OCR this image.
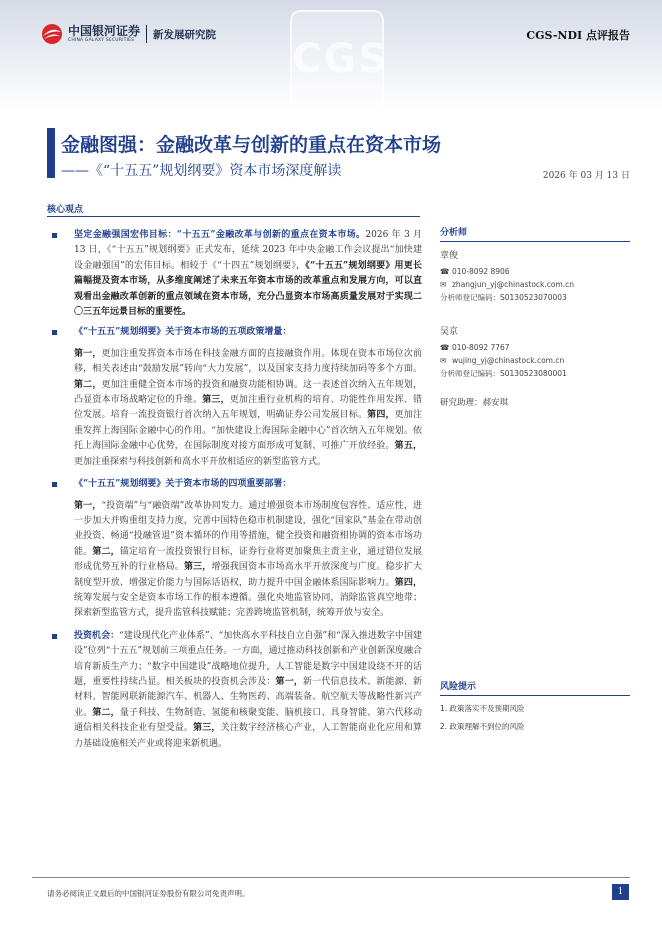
CGS
中国银河证券
CHINA GALAXY SECURITIES	新发展研究院	CGS-NDI 点评报告
金融图强：金融改革与创新的重点在资本市场
——《“十五五”规划纲要》资本市场深度解读	2026 年 03 月 13 日
核心观点

坚定金融强国宏伟目标：“十五五”金融改革与创新的重点在资本市场。2026 年 3 月 13 日，《“十五五”规划纲要》正式发布，延续 2023 年中央金融工作会议提出“加快建设金融强国”的宏伟目标。相较于《“十四五”规划纲要》，《“十五五”规划纲要》用更长篇幅提及资本市场，从多维度阐述了未来五年资本市场的改革重点和发展方向，可以直观看出金融改革创新的重点领域在资本市场，充分凸显资本市场高质量发展对于实现二〇三五年远景目标的重要性。

《“十五五”规划纲要》关于资本市场的五项政策增量：

第一，更加注重发挥资本市场在科技金融方面的直接融资作用。体现在资本市场位次前移，相关表述由“鼓励发展”转向“大力发展”，以及国家支持力度持续加码等多个方面。第二，更加注重健全资本市场的投资和融资功能相协调。这一表述首次纳入五年规划，凸显资本市场战略定位的升维。第三，更加注重行业机构的培育、功能性作用发挥、错位发展。培育一流投资银行首次纳入五年规划，明确证券公司发展目标。第四，更加注重发挥上海国际金融中心的作用。“加快建设上海国际金融中心”首次纳入五年规划。依托上海国际金融中心优势，在国际制度对接方面形成可复制、可推广开放经验。第五，更加注重探索与科技创新和高水平开放相适应的新型监管方式。

《“十五五”规划纲要》关于资本市场的四项重要部署：

第一，“投资端”与“融资端”改革协同发力。通过增强资本市场制度包容性、适应性，进一步加大并购重组支持力度，完善中国特色稳市机制建设，强化“国家队”基金在带动创业投资、畅通“投融管退”资本循环的作用等措施，健全投资和融资相协调的资本市场功能。第二，锚定培育一流投资银行目标，证券行业将更加聚焦主责主业，通过错位发展形成优势互补的行业格局。第三，增强我国资本市场高水平开放深度与广度。稳步扩大制度型开放、增强定价能力与国际话语权，助力提升中国金融体系国际影响力。第四，统筹发展与安全是资本市场工作的根本遵循。强化央地监管协同，消除监管真空地带；探索新型监管方式，提升监管科技赋能；完善跨境监管机制，统筹开放与安全。

投资机会：“建设现代化产业体系”、“加快高水平科技自立自强”和“深入推进数字中国建设”位列“十五五”规划前三项重点任务。一方面，通过推动科技创新和产业创新深度融合培育新质生产力；“数字中国建设”战略地位提升，人工智能是数字中国建设绕不开的话题，重要性持续凸显。相关板块的投资机会涉及：第一，新一代信息技术、新能源、新材料、智能网联新能源汽车、机器人、生物医药、高端装备、航空航天等战略性新兴产业。第二，量子科技、生物制造、氢能和核聚变能、脑机接口、具身智能、第六代移动通信相关科技企业有望受益。第三，关注数字经济核心产业，人工智能商业化应用和算力基础设施相关产业或将迎来新机遇。

分析师
章俊
☎ 010-8092 8906
✉ zhangjun_yj@chinastock.com.cn
分析师登记编码：S0130523070003
吴京
☎ 010-8092 7767
✉ wujing_yj@chinastock.com.cn
分析师登记编码：S0130523080001
研究助理：郝安琪
风险提示
1. 政策落实不及预期风险
2. 政策理解不到位的风险
请务必阅读正文最后的中国银河证券股份有限公司免责声明。	1
